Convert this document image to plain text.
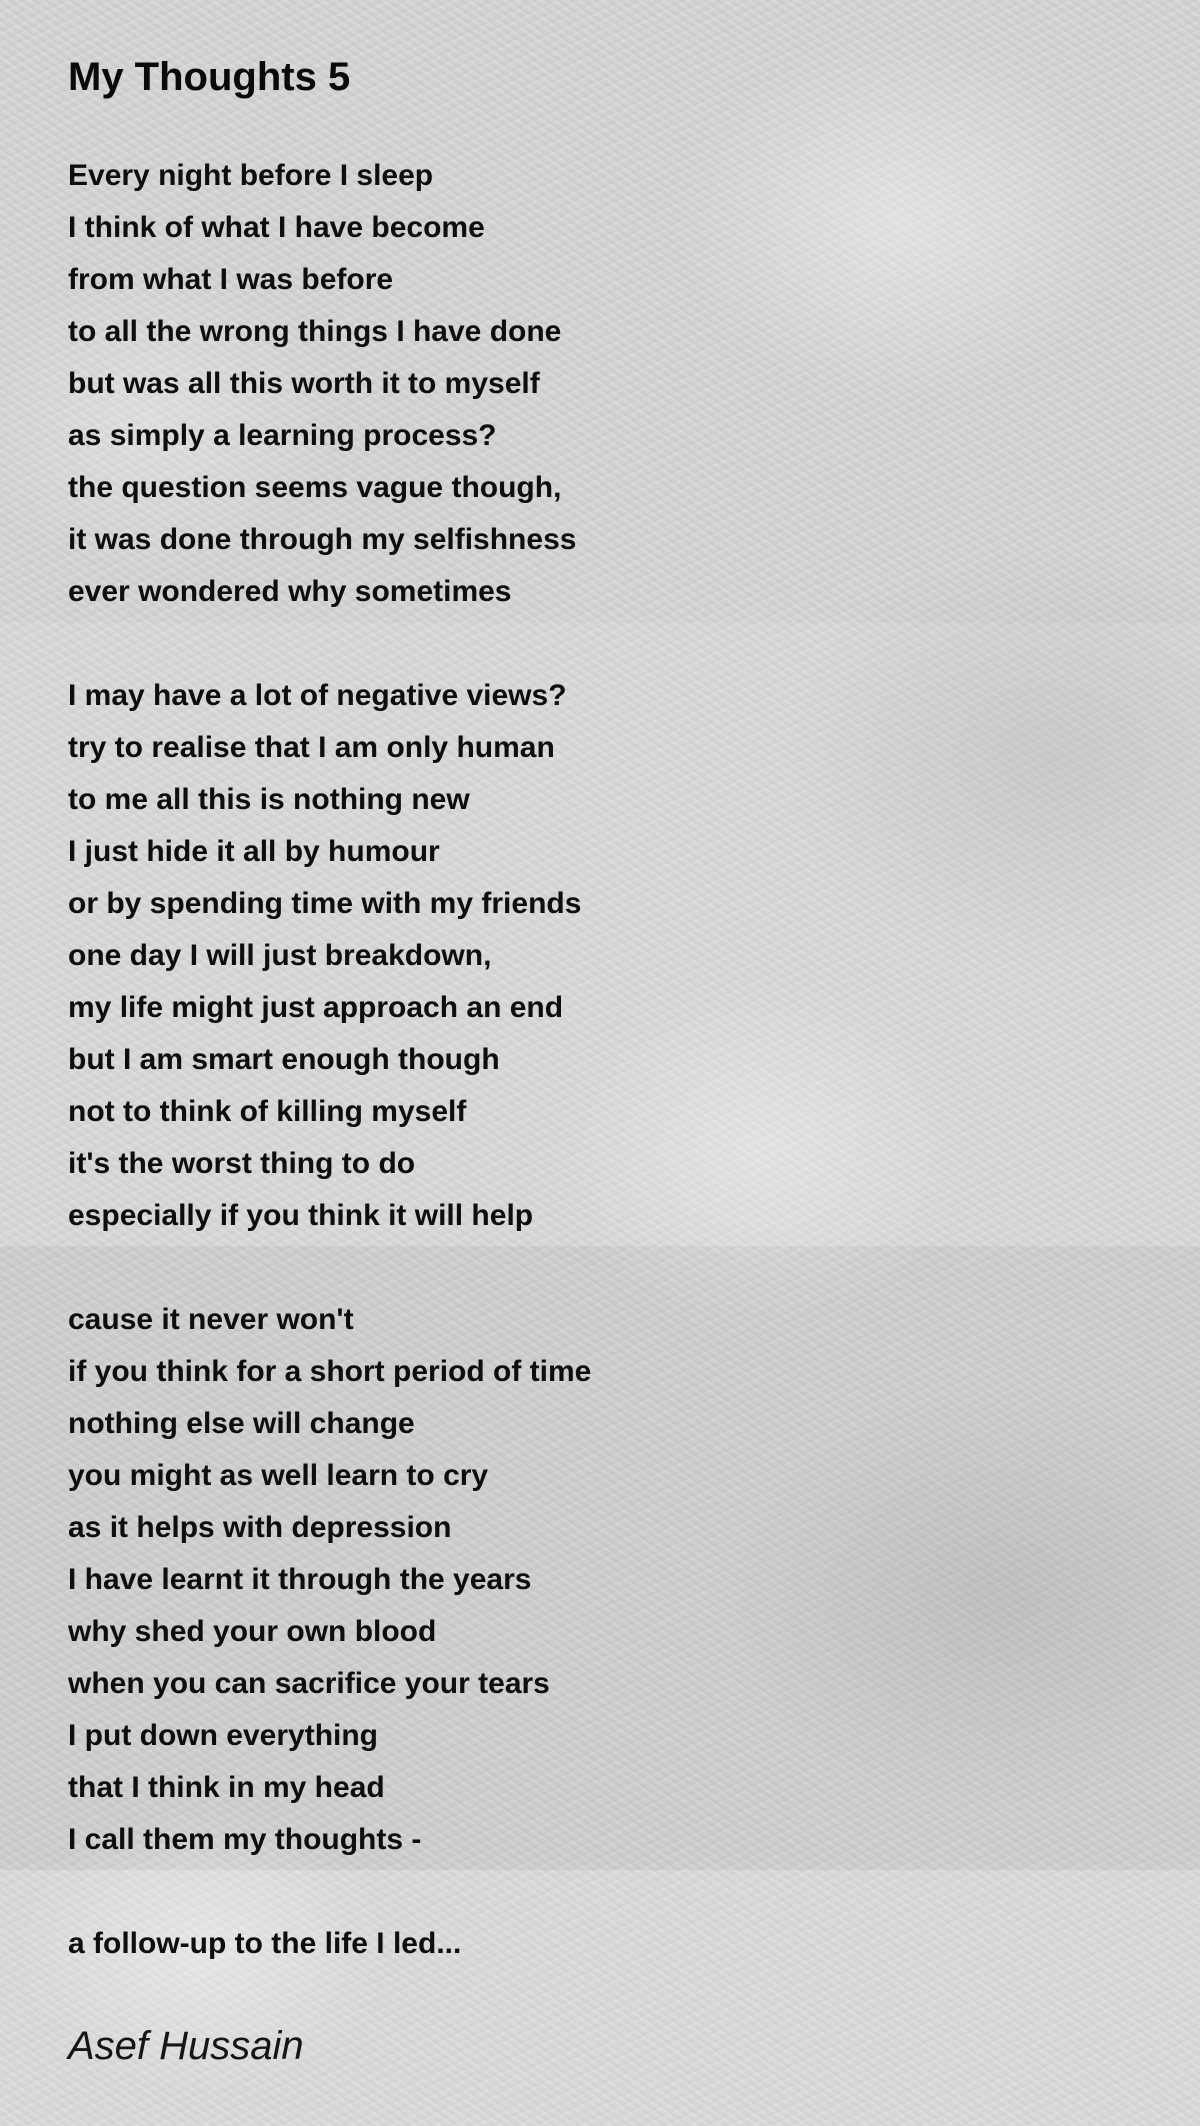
My Thoughts 5
Every night before I sleep
I think of what I have become
from what I was before
to all the wrong things I have done
but was all this worth it to myself
as simply a learning process?
the question seems vague though,
it was done through my selfishness
ever wondered why sometimes
I may have a lot of negative views?
try to realise that I am only human
to me all this is nothing new
I just hide it all by humour
or by spending time with my friends
one day I will just breakdown,
my life might just approach an end
but I am smart enough though
not to think of killing myself
it's the worst thing to do
especially if you think it will help
cause it never won't
if you think for a short period of time
nothing else will change
you might as well learn to cry
as it helps with depression
I have learnt it through the years
why shed your own blood
when you can sacrifice your tears
I put down everything
that I think in my head
I call them my thoughts -
a follow-up to the life I led...
Asef Hussain
